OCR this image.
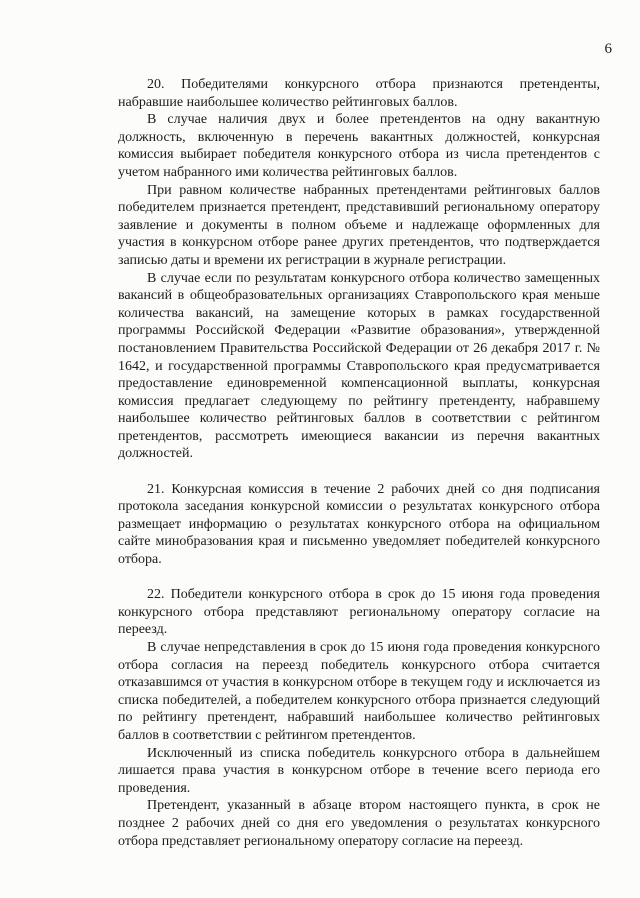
6

20. Победителями конкурсного отбора признаются претенденты, набравшие наибольшее количество рейтинговых баллов.

В случае наличия двух и более претендентов на одну вакантную должность, включенную в перечень вакантных должностей, конкурсная комиссия выбирает победителя конкурсного отбора из числа претендентов с учетом набранного ими количества рейтинговых баллов.

При равном количестве набранных претендентами рейтинговых баллов победителем признается претендент, представивший региональному оператору заявление и документы в полном объеме и надлежаще оформленных для участия в конкурсном отборе ранее других претендентов, что подтверждается записью даты и времени их регистрации в журнале регистрации.

В случае если по результатам конкурсного отбора количество замещенных вакансий в общеобразовательных организациях Ставропольского края меньше количества вакансий, на замещение которых в рамках государственной программы Российской Федерации «Развитие образования», утвержденной постановлением Правительства Российской Федерации от 26 декабря 2017 г. № 1642, и государственной программы Ставропольского края предусматривается предоставление единовременной компенсационной выплаты, конкурсная комиссия предлагает следующему по рейтингу претенденту, набравшему наибольшее количество рейтинговых баллов в соответствии с рейтингом претендентов, рассмотреть имеющиеся вакансии из перечня вакантных должностей.

21. Конкурсная комиссия в течение 2 рабочих дней со дня подписания протокола заседания конкурсной комиссии о результатах конкурсного отбора размещает информацию о результатах конкурсного отбора на официальном сайте минобразования края и письменно уведомляет победителей конкурсного отбора.

22. Победители конкурсного отбора в срок до 15 июня года проведения конкурсного отбора представляют региональному оператору согласие на переезд.

В случае непредставления в срок до 15 июня года проведения конкурсного отбора согласия на переезд победитель конкурсного отбора считается отказавшимся от участия в конкурсном отборе в текущем году и исключается из списка победителей, а победителем конкурсного отбора признается следующий по рейтингу претендент, набравший наибольшее количество рейтинговых баллов в соответствии с рейтингом претендентов.

Исключенный из списка победитель конкурсного отбора в дальнейшем лишается права участия в конкурсном отборе в течение всего периода его проведения.

Претендент, указанный в абзаце втором настоящего пункта, в срок не позднее 2 рабочих дней со дня его уведомления о результатах конкурсного отбора представляет региональному оператору согласие на переезд.
